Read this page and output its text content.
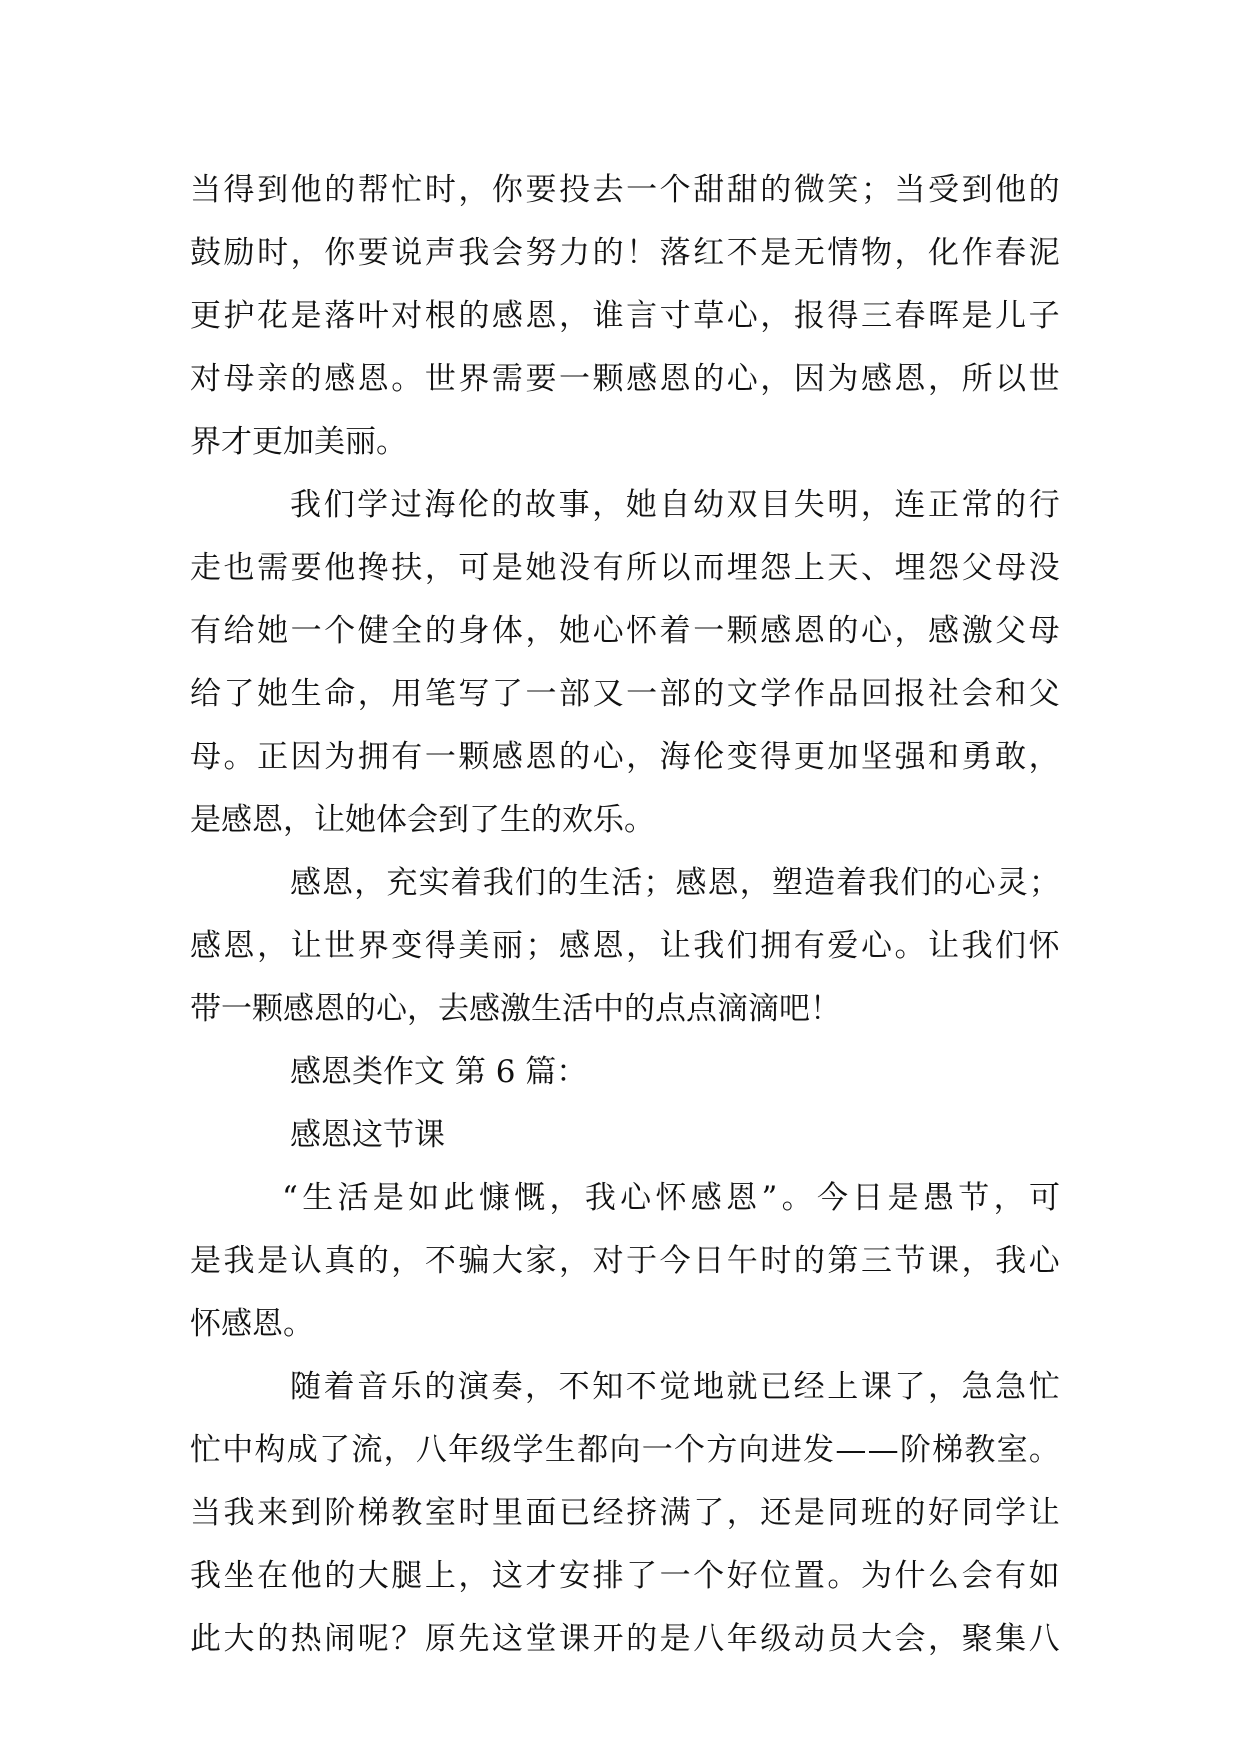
当 得 到 他 的 帮 忙 时 ， 你 要 投 去 一 个 甜 甜 的 微 笑 ； 当 受 到 他 的
鼓 励 时 ， 你 要 说 声 我 会 努 力 的 ！ 落 红 不 是 无 情 物 ， 化 作 春 泥
更 护 花 是 落 叶 对 根 的 感 恩 ， 谁 言 寸 草 心 ， 报 得 三 春 晖 是 儿 子
对 母 亲 的 感 恩 。 世 界 需 要 一 颗 感 恩 的 心 ， 因 为 感 恩 ， 所 以 世
界才更加美丽。
我 们 学 过 海 伦 的 故 事 ， 她 自 幼 双 目 失 明 ， 连 正 常 的 行
走 也 需 要 他 搀 扶 ， 可 是 她 没 有 所 以 而 埋 怨 上 天 、 埋 怨 父 母 没
有 给 她 一 个 健 全 的 身 体 ， 她 心 怀 着 一 颗 感 恩 的 心 ， 感 激 父 母
给 了 她 生 命 ， 用 笔 写 了 一 部 又 一 部 的 文 学 作 品 回 报 社 会 和 父
母 。 正 因 为 拥 有 一 颗 感 恩 的 心 ， 海 伦 变 得 更 加 坚 强 和 勇 敢 ，
是感恩，让她体会到了生的欢乐。
感 恩 ， 充 实 着 我 们 的 生 活 ； 感 恩 ， 塑 造 着 我 们 的 心 灵 ；
感 恩 ， 让 世 界 变 得 美 丽 ； 感 恩 ， 让 我 们 拥 有 爱 心 。 让 我 们 怀
带一颗感恩的心，去感激生活中的点点滴滴吧！
感恩类作文 第 6 篇：
感恩这节课
“ 生 活 是 如 此 慷 慨 ， 我 心 怀 感 恩 ” 。 今 日 是 愚 节 ， 可
是 我 是 认 真 的 ， 不 骗 大 家 ， 对 于 今 日 午 时 的 第 三 节 课 ， 我 心
怀感恩。
随 着 音 乐 的 演 奏 ， 不 知 不 觉 地 就 已 经 上 课 了 ， 急 急 忙
忙 中 构 成 了 流 ， 八 年 级 学 生 都 向 一 个 方 向 进 发 — — 阶 梯 教 室 。
当 我 来 到 阶 梯 教 室 时 里 面 已 经 挤 满 了 ， 还 是 同 班 的 好 同 学 让
我 坐 在 他 的 大 腿 上 ， 这 才 安 排 了 一 个 好 位 置 。 为 什 么 会 有 如
此 大 的 热 闹 呢 ？ 原 先 这 堂 课 开 的 是 八 年 级 动 员 大 会 ， 聚 集 八
